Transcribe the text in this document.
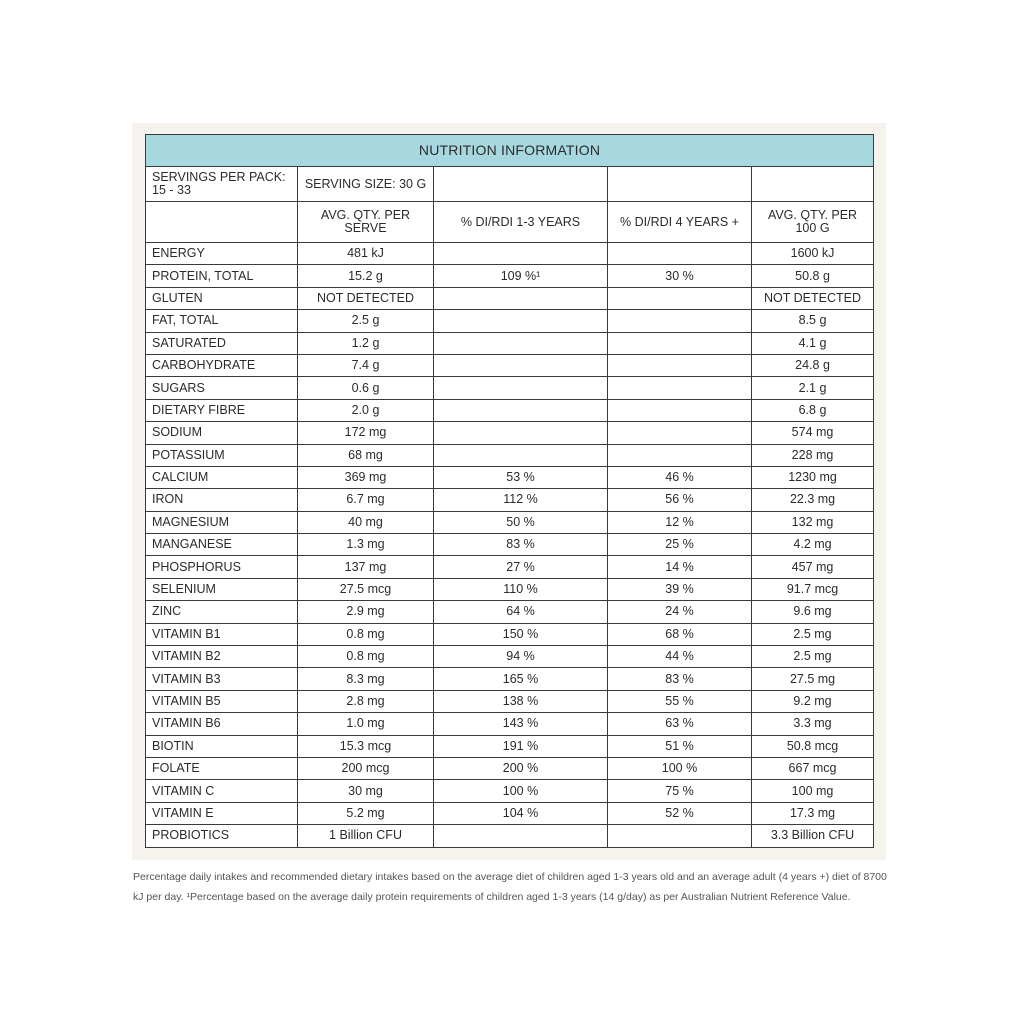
NUTRITION INFORMATION				
SERVINGS PER PACK: 15 - 33	SERVING SIZE: 30 G			
	AVG. QTY. PER SERVE	% DI/RDI 1-3 YEARS	% DI/RDI 4 YEARS +	AVG. QTY. PER 100 G
ENERGY	481 kJ			1600 kJ
PROTEIN, TOTAL	15.2 g	109 %¹	30 %	50.8 g
GLUTEN	NOT DETECTED			NOT DETECTED
FAT, TOTAL	2.5 g			8.5 g
SATURATED	1.2 g			4.1 g
CARBOHYDRATE	7.4 g			24.8 g
SUGARS	0.6 g			2.1 g
DIETARY FIBRE	2.0 g			6.8 g
SODIUM	172 mg			574 mg
POTASSIUM	68 mg			228 mg
CALCIUM	369 mg	53 %	46 %	1230 mg
IRON	6.7 mg	112 %	56 %	22.3 mg
MAGNESIUM	40 mg	50 %	12 %	132 mg
MANGANESE	1.3 mg	83 %	25 %	4.2 mg
PHOSPHORUS	137 mg	27 %	14 %	457 mg
SELENIUM	27.5 mcg	110 %	39 %	91.7 mcg
ZINC	2.9 mg	64 %	24 %	9.6 mg
VITAMIN B1	0.8 mg	150 %	68 %	2.5 mg
VITAMIN B2	0.8 mg	94 %	44 %	2.5 mg
VITAMIN B3	8.3 mg	165 %	83 %	27.5 mg
VITAMIN B5	2.8 mg	138 %	55 %	9.2 mg
VITAMIN B6	1.0 mg	143 %	63 %	3.3 mg
BIOTIN	15.3 mcg	191 %	51 %	50.8 mcg
FOLATE	200 mcg	200 %	100 %	667 mcg
VITAMIN C	30 mg	100 %	75 %	100 mg
VITAMIN E	5.2 mg	104 %	52 %	17.3 mg
PROBIOTICS	1 Billion CFU			3.3 Billion CFU
Percentage daily intakes and recommended dietary intakes based on the average diet of children aged 1-3 years old and an average adult (4 years +) diet of 8700 kJ per day. ¹Percentage based on the average daily protein requirements of children aged 1-3 years (14 g/day) as per Australian Nutrient Reference Value.
